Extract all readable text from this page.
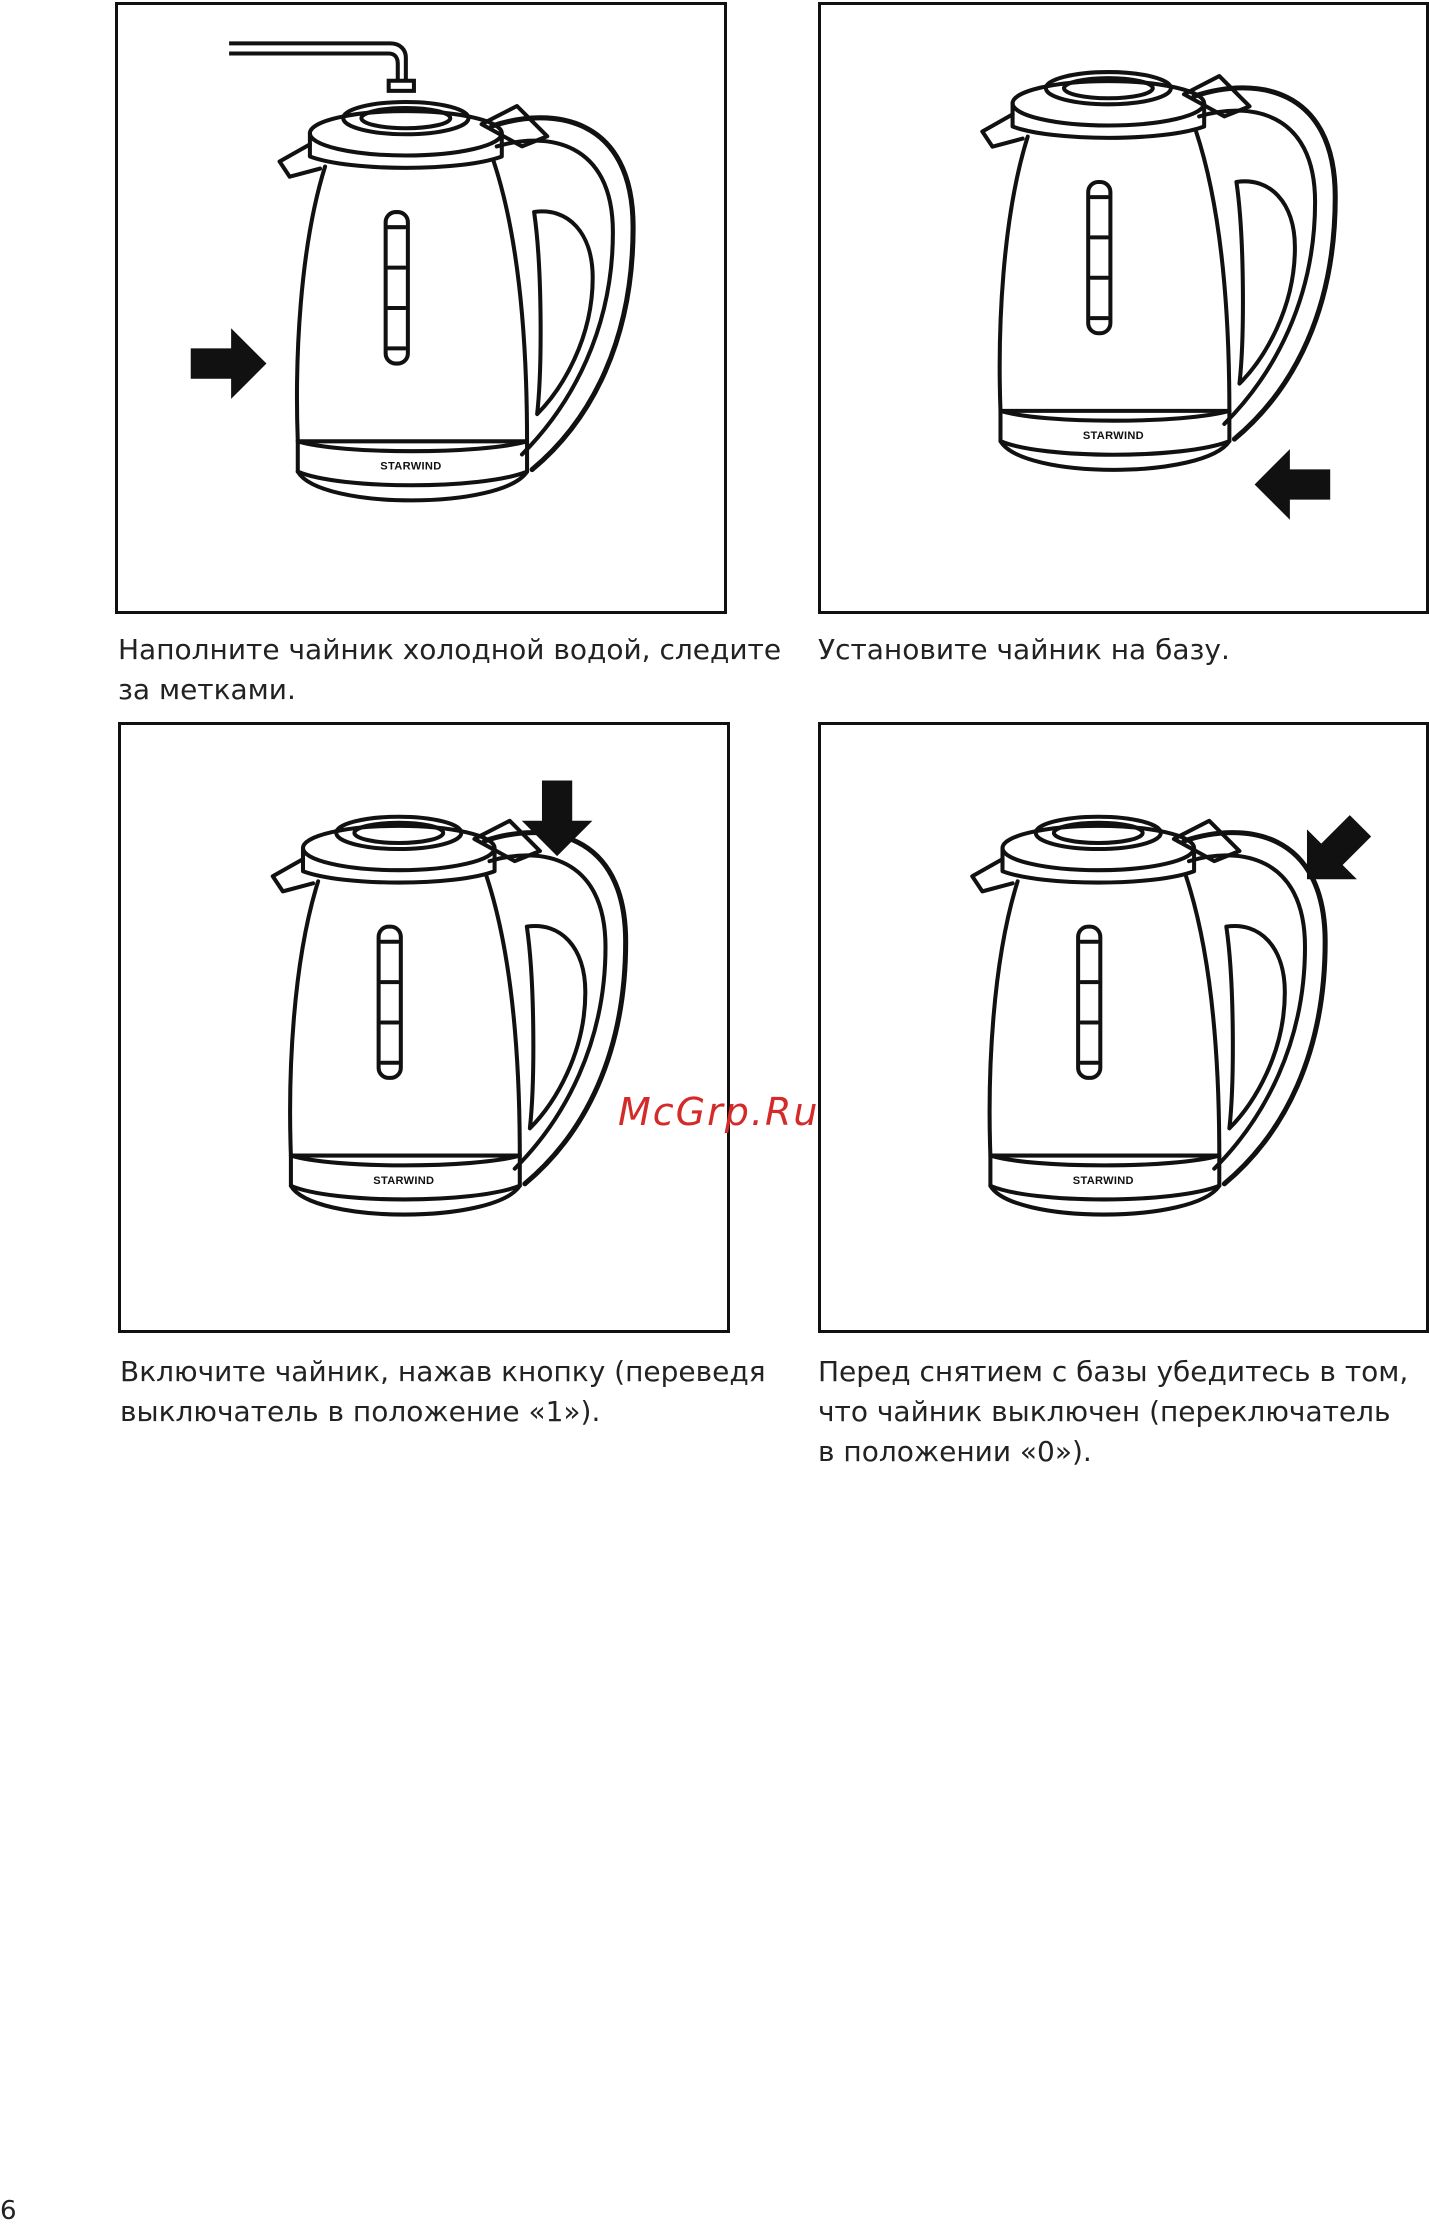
STARWIND
Наполните чайник холодной водой, следите
за метками.
STARWIND
Установите чайник на базу.
STARWIND
Включите чайник, нажав кнопку (переведя
выключатель в положение «1»).
STARWIND
Перед снятием с базы убедитесь в том,
что чайник выключен (переключатель
в положении «0»).
McGrp.Ru
6
